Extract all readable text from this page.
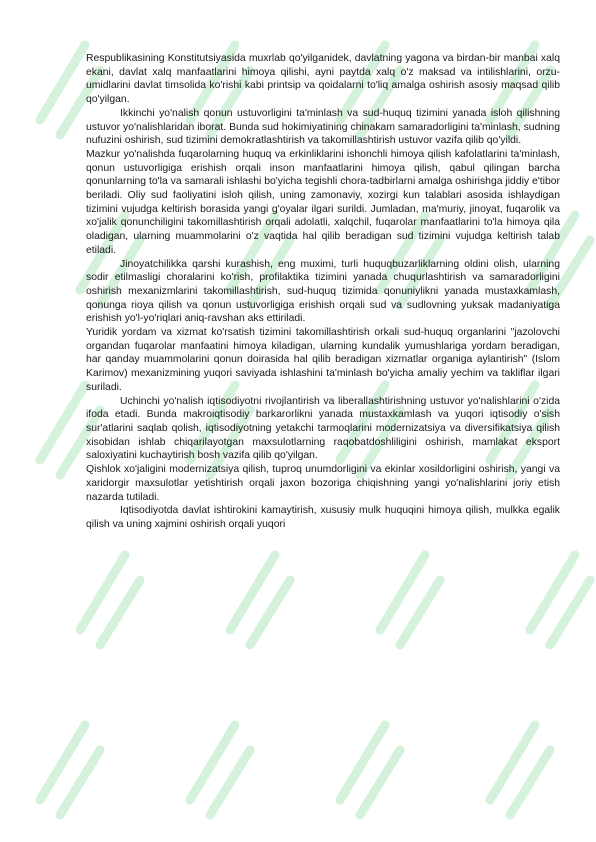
Respublikasining Konstitutsiyasida muxrlab qo'yilganidek, davlatning yagona va birdan-bir manbai xalq ekani, davlat xalq manfaatlarini himoya qilishi, ayni paytda xalq o'z maksad va intilishlarini, orzu-umidlarini davlat timsolida ko'rishi kabi printsip va qoidalarni to'liq amalga oshirish asosiy maqsad qilib qo'yilgan.

Ikkinchi yo'nalish qonun ustuvorligini ta'minlash va sud-huquq tizimini yanada isloh qilishning ustuvor yo'nalishlaridan iborat. Bunda sud hokimiyatining chinakam samaradorligini ta'minlash, sudning nufuzini oshirish, sud tizimini demokratlashtirish va takomillashtirish ustuvor vazifa qilib qo'yildi.

Mazkur yo'nalishda fuqarolarning huquq va erkinliklarini ishonchli himoya qilish kafolatlarini ta'minlash, qonun ustuvorligiga erishish orqali inson manfaatlarini himoya qilish, qabul qilingan barcha qonunlarning to'la va samarali ishlashi bo'yicha tegishli chora-tadbirlarni amalga oshirishga jiddiy e'tibor beriladi. Oliy sud faoliyatini isloh qilish, uning zamonaviy, xozirgi kun talablari asosida ishlaydigan tizimini vujudga keltirish borasida yangi g'oyalar ilgari surildi. Jumladan, ma'muriy, jinoyat, fuqarolik va xo'jalik qonunchiligini takomillashtirish orqali adolatli, xalqchil, fuqarolar manfaatlarini to'la himoya qila oladigan, ularning muammolarini o'z vaqtida hal qilib beradigan sud tizimini vujudga keltirish talab etiladi.

Jinoyatchilikka qarshi kurashish, eng muximi, turli huquqbuzarliklarning oldini olish, ularning sodir etilmasligi choralarini ko'rish, profilaktika tizimini yanada chuqurlashtirish va samaradorligini oshirish mexanizmlarini takomillashtirish, sud-huquq tizimida qonuniylikni yanada mustaxkamlash, qonunga rioya qilish va qonun ustuvorligiga erishish orqali sud va sudlovning yuksak madaniyatiga erishish yo'l-yo'riqlari aniq-ravshan aks ettiriladi.

Yuridik yordam va xizmat ko'rsatish tizimini takomillashtirish orkali sud-huquq organlarini "jazolovchi organdan fuqarolar manfaatini himoya kiladigan, ularning kundalik yumushlariga yordam beradigan, har qanday muammolarini qonun doirasida hal qilib beradigan xizmatlar organiga aylantirish" (Islom Karimov) mexanizmining yuqori saviyada ishlashini ta'minlash bo'yicha amaliy yechim va takliflar ilgari suriladi.

Uchinchi yo'nalish iqtisodiyotni rivojlantirish va liberallashtirishning ustuvor yo'nalishlarini o'zida ifoda etadi. Bunda makroiqtisodiy barkarorlikni yanada mustaxkamlash va yuqori iqtisodiy o'sish sur'atlarini saqlab qolish, iqtisodiyotning yetakchi tarmoqlarini modernizatsiya va diversifikatsiya qilish xisobidan ishlab chiqarilayotgan maxsulotlarning raqobatdoshliligini oshirish, mamlakat eksport saloxiyatini kuchaytirish bosh vazifa qilib qo'yilgan.

Qishlok xo'jaligini modernizatsiya qilish, tuproq unumdorligini va ekinlar xosildorligini oshirish, yangi va xaridorgir maxsulotlar yetishtirish orqali jaxon bozoriga chiqishning yangi yo'nalishlarini joriy etish nazarda tutiladi.

Iqtisodiyotda davlat ishtirokini kamaytirish, xususiy mulk huquqini himoya qilish, mulkka egalik qilish va uning xajmini oshirish orqali yuqori
